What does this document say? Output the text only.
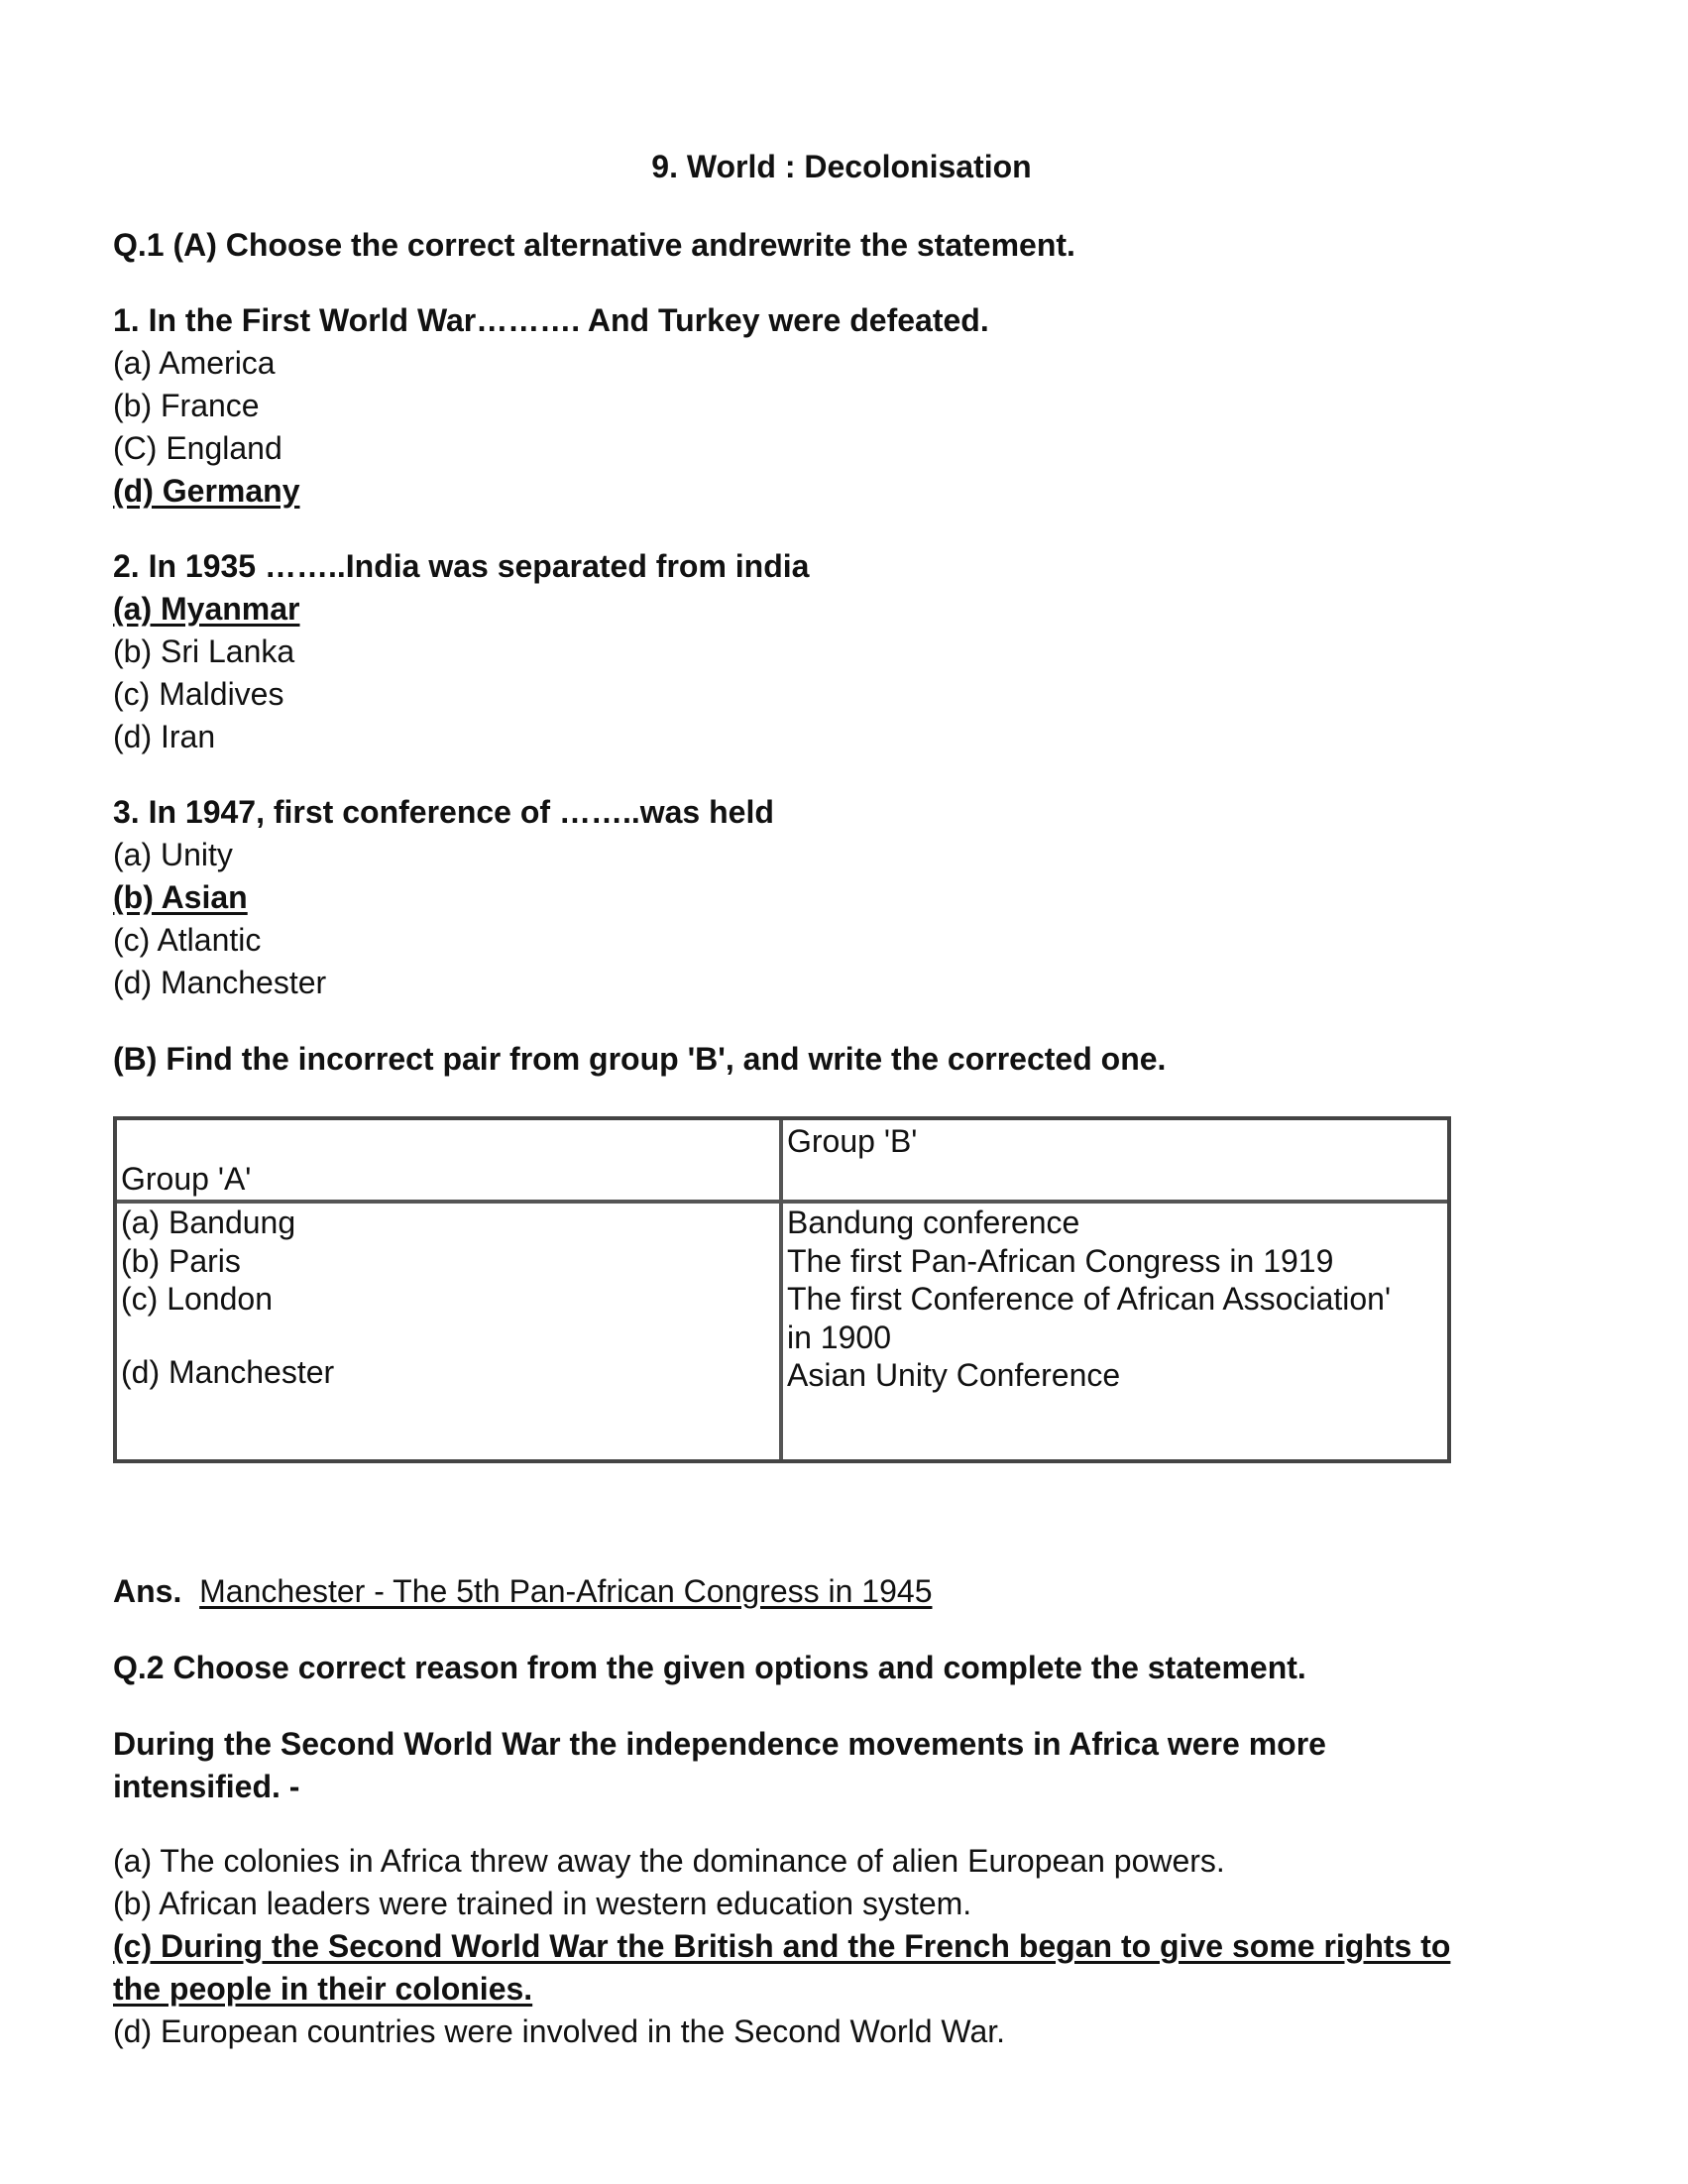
9. World : Decolonisation
Q.1 (A) Choose the correct alternative andrewrite the statement.
1. In the First World War………. And Turkey were defeated.
(a) America
(b) France
(C) England
(d) Germany
2. In 1935 ……..India was separated from india
(a) Myanmar
(b) Sri Lanka
(c) Maldives
(d) Iran
3. In 1947, first conference of ……..was held
(a) Unity
(b) Asian
(c) Atlantic
(d) Manchester
(B) Find the incorrect pair from group 'B', and write the corrected one.
Group 'A'
(a) Bandung
(b) Paris
(c) London
(d) Manchester
Group 'B'
Bandung conference
The first Pan-African Congress in 1919
The first Conference of African Association'
in 1900
Asian Unity Conference
Ans. Manchester - The 5th Pan-African Congress in 1945
Q.2 Choose correct reason from the given options and complete the statement.
During the Second World War the independence movements in Africa were more
intensified. -
(a) The colonies in Africa threw away the dominance of alien European powers.
(b) African leaders were trained in western education system.
(c) During the Second World War the British and the French began to give some rights to
the people in their colonies.
(d) European countries were involved in the Second World War.
